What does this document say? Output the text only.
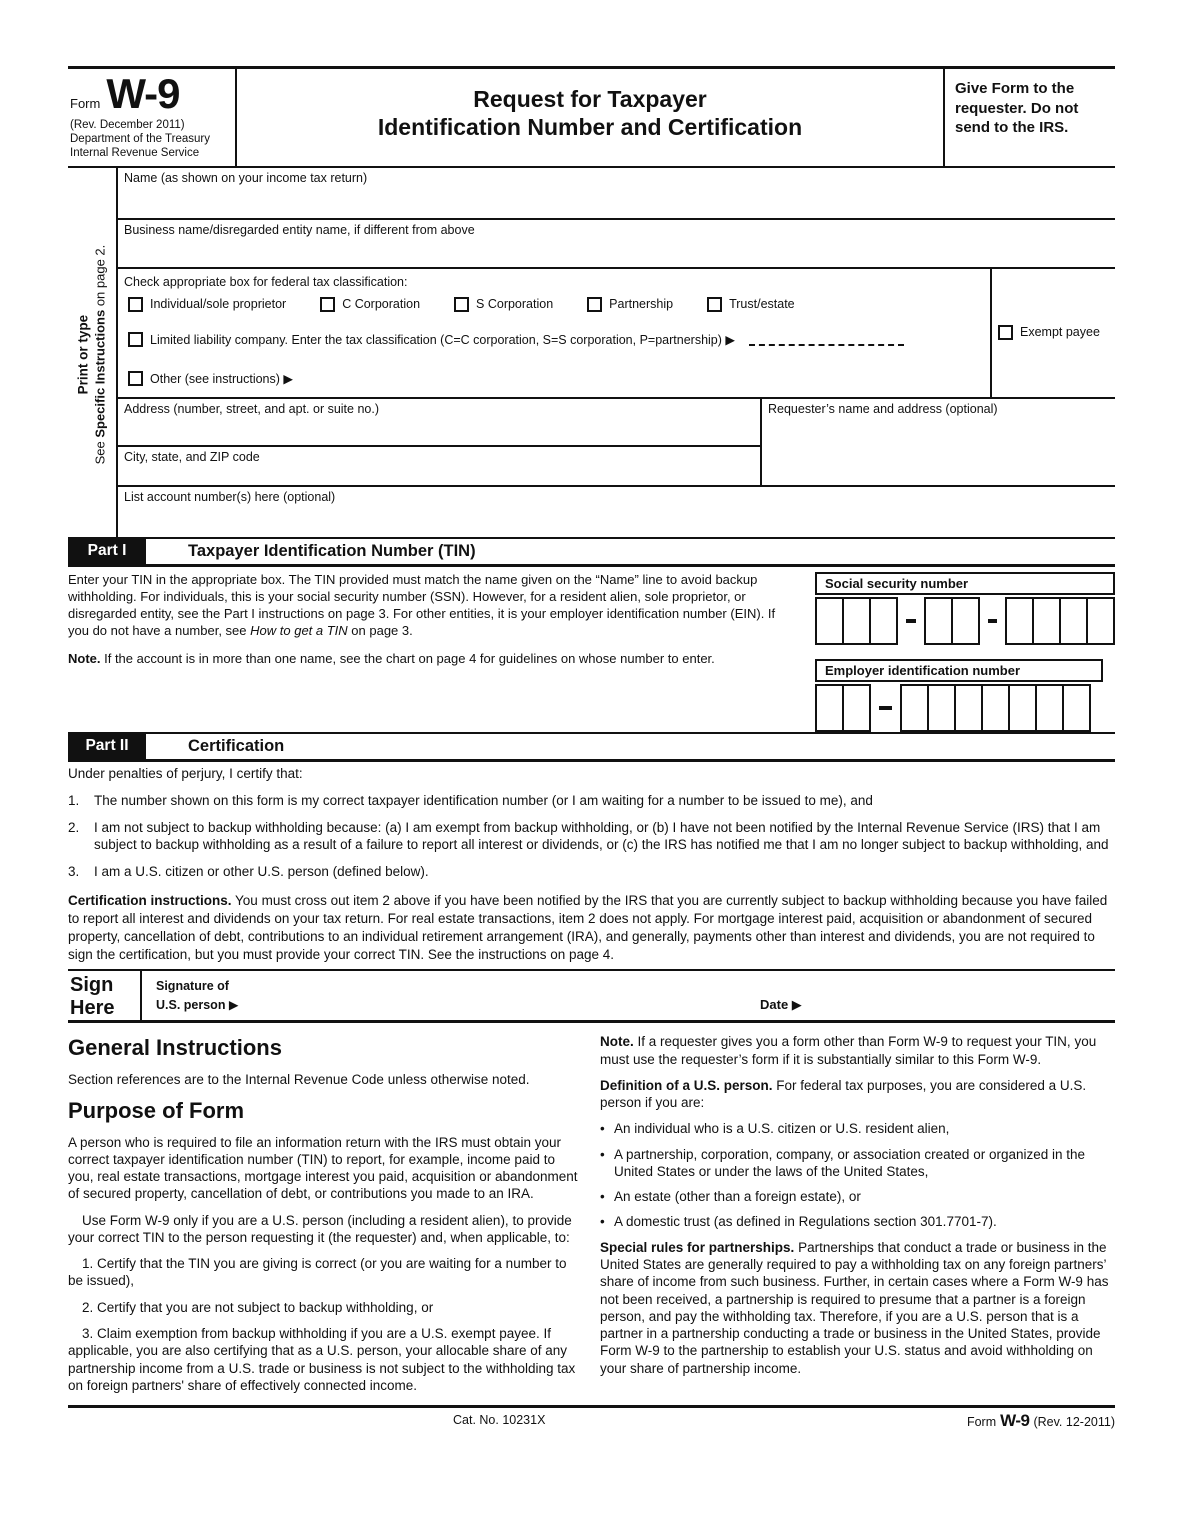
Form W-9
(Rev. December 2011)
Department of the Treasury
Internal Revenue Service
Request for Taxpayer
Identification Number and Certification
Give Form to the requester. Do not send to the IRS.
Print or type
See Specific Instructions on page 2.
Name (as shown on your income tax return)
Business name/disregarded entity name, if different from above
Check appropriate box for federal tax classification:
Individual/sole proprietor	C Corporation	S Corporation	Partnership	Trust/estate
Limited liability company. Enter the tax classification (C=C corporation, S=S corporation, P=partnership) ▶
Other (see instructions) ▶
Exempt payee
Address (number, street, and apt. or suite no.)
City, state, and ZIP code
Requester’s name and address (optional)
List account number(s) here (optional)
Part I	Taxpayer Identification Number (TIN)
Enter your TIN in the appropriate box. The TIN provided must match the name given on the “Name” line to avoid backup withholding. For individuals, this is your social security number (SSN). However, for a resident alien, sole proprietor, or disregarded entity, see the Part I instructions on page 3. For other entities, it is your employer identification number (EIN). If you do not have a number, see How to get a TIN on page 3.
Note. If the account is in more than one name, see the chart on page 4 for guidelines on whose number to enter.
Social security number
Employer identification number
Part II	Certification
Under penalties of perjury, I certify that:
1.	The number shown on this form is my correct taxpayer identification number (or I am waiting for a number to be issued to me), and
2.	I am not subject to backup withholding because: (a) I am exempt from backup withholding, or (b) I have not been notified by the Internal Revenue Service (IRS) that I am subject to backup withholding as a result of a failure to report all interest or dividends, or (c) the IRS has notified me that I am no longer subject to backup withholding, and
3.	I am a U.S. citizen or other U.S. person (defined below).
Certification instructions. You must cross out item 2 above if you have been notified by the IRS that you are currently subject to backup withholding because you have failed to report all interest and dividends on your tax return. For real estate transactions, item 2 does not apply. For mortgage interest paid, acquisition or abandonment of secured property, cancellation of debt, contributions to an individual retirement arrangement (IRA), and generally, payments other than interest and dividends, you are not required to sign the certification, but you must provide your correct TIN. See the instructions on page 4.
Sign
Here
Signature of
U.S. person ▶	Date ▶
General Instructions
Section references are to the Internal Revenue Code unless otherwise noted.
Purpose of Form
A person who is required to file an information return with the IRS must obtain your correct taxpayer identification number (TIN) to report, for example, income paid to you, real estate transactions, mortgage interest you paid, acquisition or abandonment of secured property, cancellation of debt, or contributions you made to an IRA.
Use Form W-9 only if you are a U.S. person (including a resident alien), to provide your correct TIN to the person requesting it (the requester) and, when applicable, to:
1. Certify that the TIN you are giving is correct (or you are waiting for a number to be issued),
2. Certify that you are not subject to backup withholding, or
3. Claim exemption from backup withholding if you are a U.S. exempt payee. If applicable, you are also certifying that as a U.S. person, your allocable share of any partnership income from a U.S. trade or business is not subject to the withholding tax on foreign partners' share of effectively connected income.
Note. If a requester gives you a form other than Form W-9 to request your TIN, you must use the requester’s form if it is substantially similar to this Form W-9.
Definition of a U.S. person. For federal tax purposes, you are considered a U.S. person if you are:
• An individual who is a U.S. citizen or U.S. resident alien,
• A partnership, corporation, company, or association created or organized in the United States or under the laws of the United States,
• An estate (other than a foreign estate), or
• A domestic trust (as defined in Regulations section 301.7701-7).
Special rules for partnerships. Partnerships that conduct a trade or business in the United States are generally required to pay a withholding tax on any foreign partners’ share of income from such business. Further, in certain cases where a Form W-9 has not been received, a partnership is required to presume that a partner is a foreign person, and pay the withholding tax. Therefore, if you are a U.S. person that is a partner in a partnership conducting a trade or business in the United States, provide Form W-9 to the partnership to establish your U.S. status and avoid withholding on your share of partnership income.
Cat. No. 10231X	Form W-9 (Rev. 12-2011)
